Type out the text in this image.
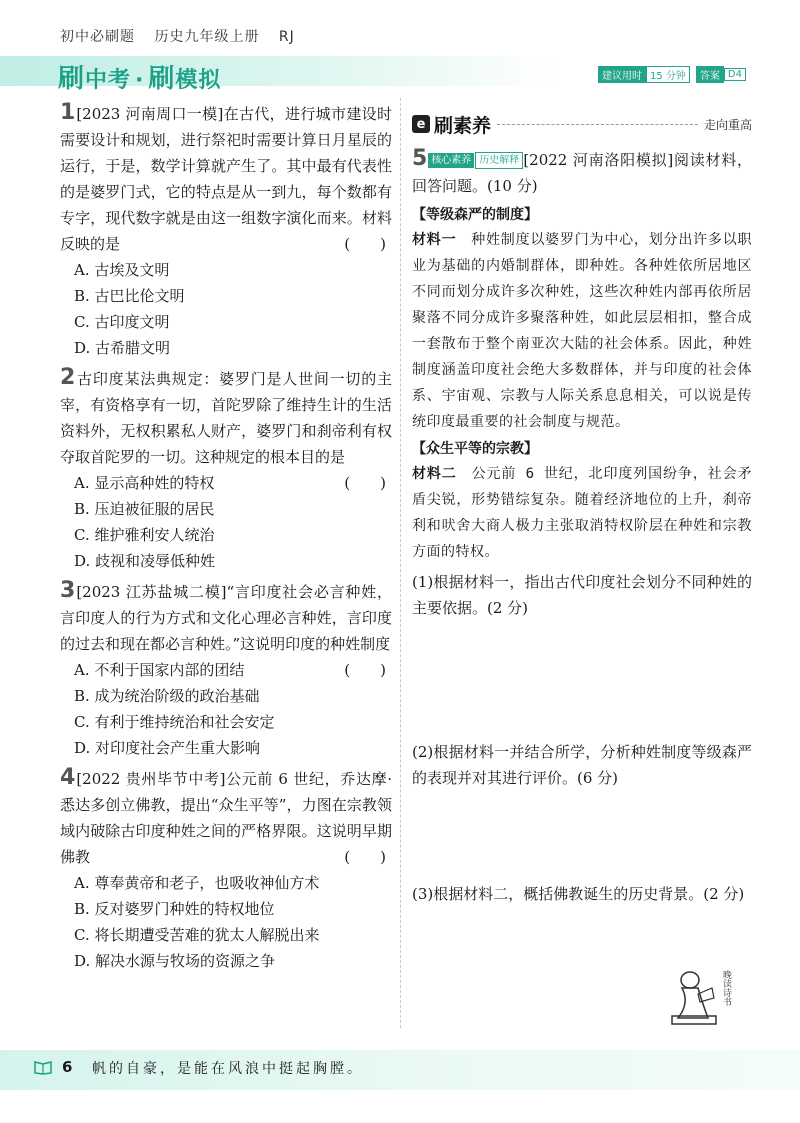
初中必刷题 历史九年级上册 RJ
刷中考 · 刷模拟	建议用时 15 分钟	答案 D4
1[2023 河南周口一模]在古代，进行城市建设时需要设计和规划，进行祭祀时需要计算日月星辰的运行，于是，数学计算就产生了。其中最有代表性的是婆罗门式，它的特点是从一到九，每个数都有专字，现代数字就是由这一组数字演化而来。材料反映的是	(　　)
A. 古埃及文明
B. 古巴比伦文明
C. 古印度文明
D. 古希腊文明
2古印度某法典规定：婆罗门是人世间一切的主宰，有资格享有一切，首陀罗除了维持生计的生活资料外，无权积累私人财产，婆罗门和刹帝利有权夺取首陀罗的一切。这种规定的根本目的是
(　　)
A. 显示高种姓的特权
B. 压迫被征服的居民
C. 维护雅利安人统治
D. 歧视和凌辱低种姓
3[2023 江苏盐城二模]“言印度社会必言种姓，言印度人的行为方式和文化心理必言种姓，言印度的过去和现在都必言种姓。”这说明印度的种姓制度
(　　)
A. 不利于国家内部的团结
B. 成为统治阶级的政治基础
C. 有利于维持统治和社会安定
D. 对印度社会产生重大影响
4[2022 贵州毕节中考]公元前 6 世纪，乔达摩·悉达多创立佛教，提出“众生平等”，力图在宗教领域内破除古印度种姓之间的严格界限。这说明早期佛教	(　　)
A. 尊奉黄帝和老子，也吸收神仙方术
B. 反对婆罗门种姓的特权地位
C. 将长期遭受苦难的犹太人解脱出来
D. 解决水源与牧场的资源之争
e 刷素养	走向重高
5 核心素养 历史解释 [2022 河南洛阳模拟]阅读材料，回答问题。(10 分)
【等级森严的制度】
材料一　 种姓制度以婆罗门为中心，划分出许多以职业为基础的内婚制群体，即种姓。各种姓依所居地区不同而划分成许多次种姓，这些次种姓内部再依所居聚落不同分成许多聚落种姓，如此层层相扣，整合成一套散布于整个南亚次大陆的社会体系。因此，种姓制度涵盖印度社会绝大多数群体，并与印度的社会体系、宇宙观、宗教与人际关系息息相关，可以说是传统印度最重要的社会制度与规范。
【众生平等的宗教】
材料二　 公元前 6 世纪，北印度列国纷争，社会矛盾尖锐，形势错综复杂。随着经济地位的上升，刹帝利和吠舍大商人极力主张取消特权阶层在种姓和宗教方面的特权。
(1)根据材料一，指出古代印度社会划分不同种姓的主要依据。(2 分)
(2)根据材料一并结合所学，分析种姓制度等级森严的表现并对其进行评价。(6 分)
(3)根据材料二，概括佛教诞生的历史背景。(2 分)
晚读诗书
6 帆的自豪，是能在风浪中挺起胸膛。
